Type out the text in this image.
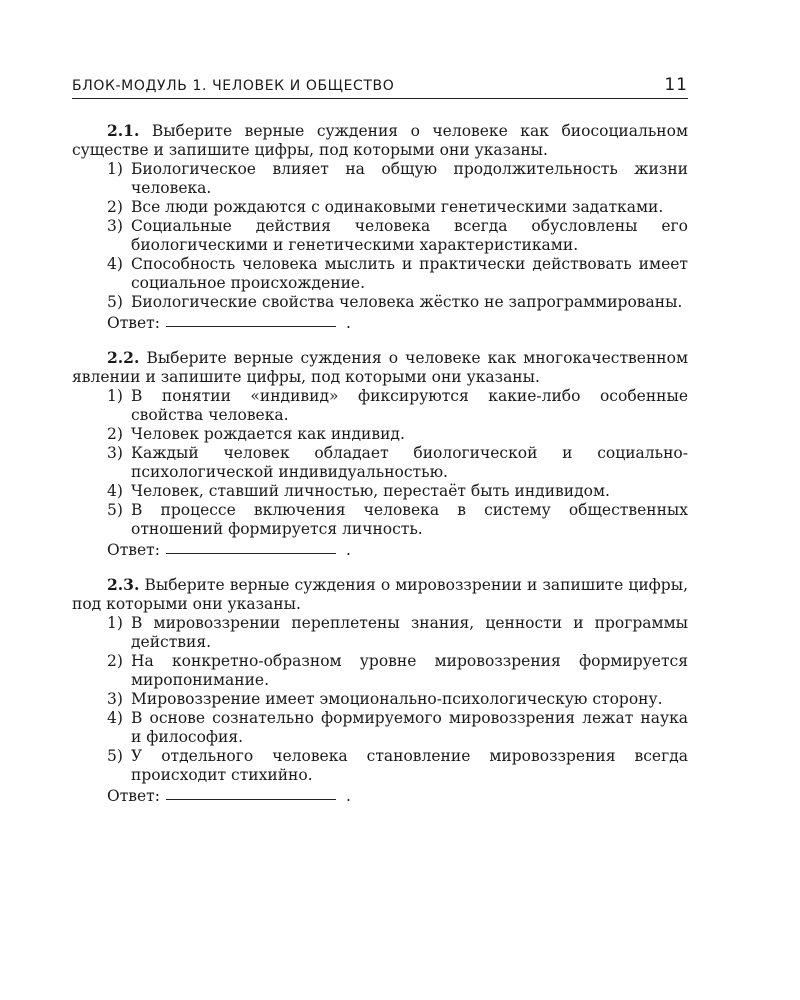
БЛОК-МОДУЛЬ 1. ЧЕЛОВЕК И ОБЩЕСТВО	11
2.1. Выберите верные суждения о человеке как биосоциальном существе и запишите цифры, под которыми они указаны.
1) Биологическое влияет на общую продолжительность жизни человека.
2) Все люди рождаются с одинаковыми генетическими задатками.
3) Социальные действия человека всегда обусловлены его биологическими и генетическими характеристиками.
4) Способность человека мыслить и практически действовать имеет социальное происхождение.
5) Биологические свойства человека жёстко не запрограммированы.
Ответ:	.
2.2. Выберите верные суждения о человеке как многокачественном явлении и запишите цифры, под которыми они указаны.
1) В понятии «индивид» фиксируются какие-либо особенные свойства человека.
2) Человек рождается как индивид.
3) Каждый человек обладает биологической и социально-психологической индивидуальностью.
4) Человек, ставший личностью, перестаёт быть индивидом.
5) В процессе включения человека в систему общественных отношений формируется личность.
Ответ:	.
2.3. Выберите верные суждения о мировоззрении и запишите цифры, под которыми они указаны.
1) В мировоззрении переплетены знания, ценности и программы действия.
2) На конкретно-образном уровне мировоззрения формируется миропонимание.
3) Мировоззрение имеет эмоционально-психологическую сторону.
4) В основе сознательно формируемого мировоззрения лежат наука и философия.
5) У отдельного человека становление мировоззрения всегда происходит стихийно.
Ответ:	.
